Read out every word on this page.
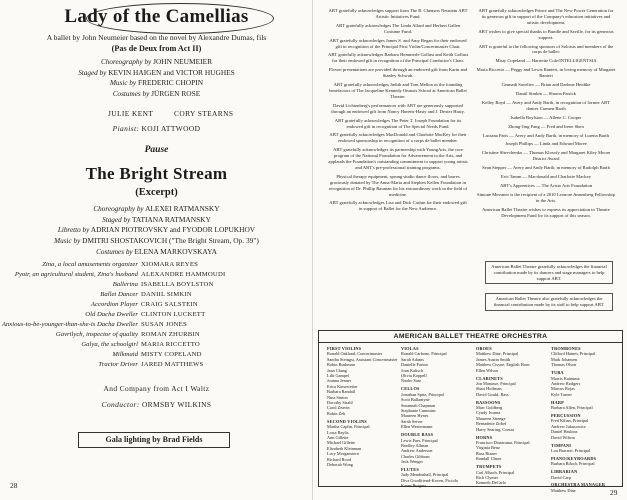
Lady of the Camellias
A ballet by John Neumeier based on the novel by Alexandre Dumas, fils
(Pas de Deux from Act II)
Choreography by JOHN NEUMEIER
Staged by KEVIN HAIGEN and VICTOR HUGHES
Music by FREDERIC CHOPIN
Costumes by JÜRGEN ROSE
JULIE KENT	CORY STEARNS
Pianist: KOJI ATTWOOD
Pause
The Bright Stream
(Excerpt)
Choreography by ALEXEI RATMANSKY
Staged by TATIANA RATMANSKY
Libretto by ADRIAN PIOTROVSKY and FYODOR LOPUKHOV
Music by DMITRI SHOSTAKOVICH ("The Bright Stream, Op. 39")
Costumes by ELENA MARKOVSKAYA
Zina, a local amusements organizer XIOMARA REYES
Pyotr, an agricultural student, Zina's husband ALEXANDRE HAMMOUDI
Ballerina ISABELLA BOYLSTON
Ballet Dancer DANIIL SIMKIN
Accordion Player CRAIG SALSTEIN
Old Dacha Dweller CLINTON LUCKETT
Anxious-to-be-younger-than-she-is Dacha Dweller SUSAN JONES
Gavrilych, inspector of quality ROMAN ZHURBIN
Galya, the schoolgirl MARIA RICCETTO
Milkmaid MISTY COPELAND
Tractor Driver JARED MATTHEWS
And Company from Act I Waltz
Conductor: ORMSBY WILKINS
Gala lighting by Brad Fields
28
ABT gratefully acknowledges support from The R. Chemers Neustein ABT Artistic Initiatives Fund.
ABT gratefully acknowledges The Linda Allard and Herbert Gallen Costume Fund.
ABT gratefully acknowledges James S. and Amy Regan for their endowed gift in recognition of the Principal First Violin/Concertmaster Chair.
ABT gratefully acknowledges Barbara Hemmerle Gollust and Keith Gollust for their endowed gift in recognition of the Principal Conductor's Chair.
Flower presentations are provided through an endowed gift from Karin and Stanley Schwab.
ABT gratefully acknowledges Judith and Tom Mellon as the founding benefactors of The Jacqueline Kennedy Onassis School at American Ballet Theatre.
David Lichtenberg's performances with ABT are generously supported through an endowed gift from Nancy Havens-Hasty and J. Dexter Hasty.
ABT gratefully acknowledges The Peter T. Joseph Foundation for its endowed gift in recognition of The Special Needs Fund.
ABT gratefully acknowledges MacDonald and Charlotte MacKey for their endowed sponsorship in recognition of a corps de ballet member.
ABT gratefully acknowledges its partnership with YoungArts, the core program of the National Foundation for Advancement in the Arts, and applauds the Foundation's outstanding commitment to support young artists and ABT's pre-professional training programs.
Physical therapy equipment, sprung studio dance floors, and barres graciously donated by The Anna-Maria and Stephen Kellen Foundation in recognition of Dr. Phillip Bauman for his extraordinary work in the field of medicine.
ABT gratefully acknowledges Lisa and Dick Cashin for their endowed gift in support of Ballet for the New Audience.
ABT gratefully acknowledges Prince and The New Power Generation for its generous gift in support of the Company's education initiatives and artistic development.
ABT wishes to give special thanks to Bundle and Saville, for its generous support.
ABT is grateful to the following sponsors of Soloists and members of the corps de ballet:
Misty Copeland — Harriette Cole/INTELLIGENTSIA
Maria Riccetto — Peggy and Lewis Ranieri, in loving memory of Margaret Ranieri
Gennadi Saveliev — Brian and Darlene Heidtke
Daniil Simkin — Sharon Patrick
Kelley Boyd — Avery and Andy Barth, in recognition of former ABT dancer Carmen Barth
Isabella Boylston — Allene C. Cooper
Zhong-Jing Fang — Fred and Irene Shen
Luciana Paris — Avery and Andy Barth, in memory of Lurena Barth
Joseph Phillips — Linda and Edward Moree
Christine Shevchenko — Thomas Klosofy and Margaret Kiley Moore District Award
Sean Stepper — Avery and Andy Barth, in memory of Rudolph Barth
Eric Tamm — Macdonald and Charlotte Mackey
ABT's Apprentices — The Aristo Arts Foundation
Simone Messmer is the recipient of a 2010 Leonore Annenberg Fellowship in the Arts.
American Ballet Theatre wishes to express its appreciation to Theatre Development Fund for its support of this season.
American Ballet Theatre gratefully acknowledges the financial contribution made by its dancers and stage managers to help support ABT.
American Ballet Theatre also gratefully acknowledges the financial contribution made by its staff to help support ABT.
AMERICAN BALLET THEATRE ORCHESTRA
FIRST VIOLINS
Ronald Oakland, Concertmaster
Sandra Steingst, Assistant Concertmaster
Robin Bushman
Jana Chang
Lilit Gampel
Joanna Jenner
Erica Kiesewetter
Barbara Randall
Nina Simon
Dorothy Strahl
Carol Zeavin
Robin Zeh
SECOND VIOLINS
Martha Caplin, Principal
Lorra Baylis
Ann Gillette
Michael Gillette
Elizabeth Kleinman
Lucy Morganstern
Richard Rood
Deborah Wong
VIOLAS
Ronald Carbone, Principal
Sarah Adams
Danielle Farina
Joan Kalisch
Olivia Koppell
Naoko Sato
CELLOS
Jonathan Spitz, Principal
Scott Ballantyne
Susannah Chapman
Stephanie Cummins
Maureen Hynes
Sarah Seiver
Ellen Westermann
DOUBLE BASS
Lewis Paer, Principal
Bradley Allman
Andrew Anderson
Charles Gibbons
Jack Wenger
FLUTES
Judy Mendenhall, Principal
Diva Goodfriend-Koven, Piccolo
Karen Burgess
OBOES
Matthew Dine, Principal
James Austin Smith
Matthew Cisyne, English Horn
Ellen Wilson
CLARINETS
Jon Manasse, Principal
Shari Hoffman
David Gould, Bass
BASSOONS
Marc Goldberg
Cyndy Iwama
Maureen Strenge
Bernadette Zirbel
Harry Searing, Contra
HORNS
Francisco Donaruma, Principal
Virginia Benz
Russ Rizner
Randall Ulmer
TRUMPETS
Carl Albach, Principal
Rich Clymer
Kenneth DeCarlo
TROMBONES
Clifford Haines, Principal
Mark Johansen
Thomas Olson
TUBA
Morris Kainuma
Andrew Rodgers
Marcus Rojas
Kyle Turner
HARP
Barbara Allen, Principal
PERCUSSION
Fred Kilian, Principal
Andrew Jukusowicz
Daniel Haskins
David Wilson
TIMPANI
Lou Barrarri, Principal
PIANO/KEYBOARDS
Barbara Bilach, Principal
LIBRARIAN
David Carp
ORCHESTRA MANAGER
Matthew Dine	29
